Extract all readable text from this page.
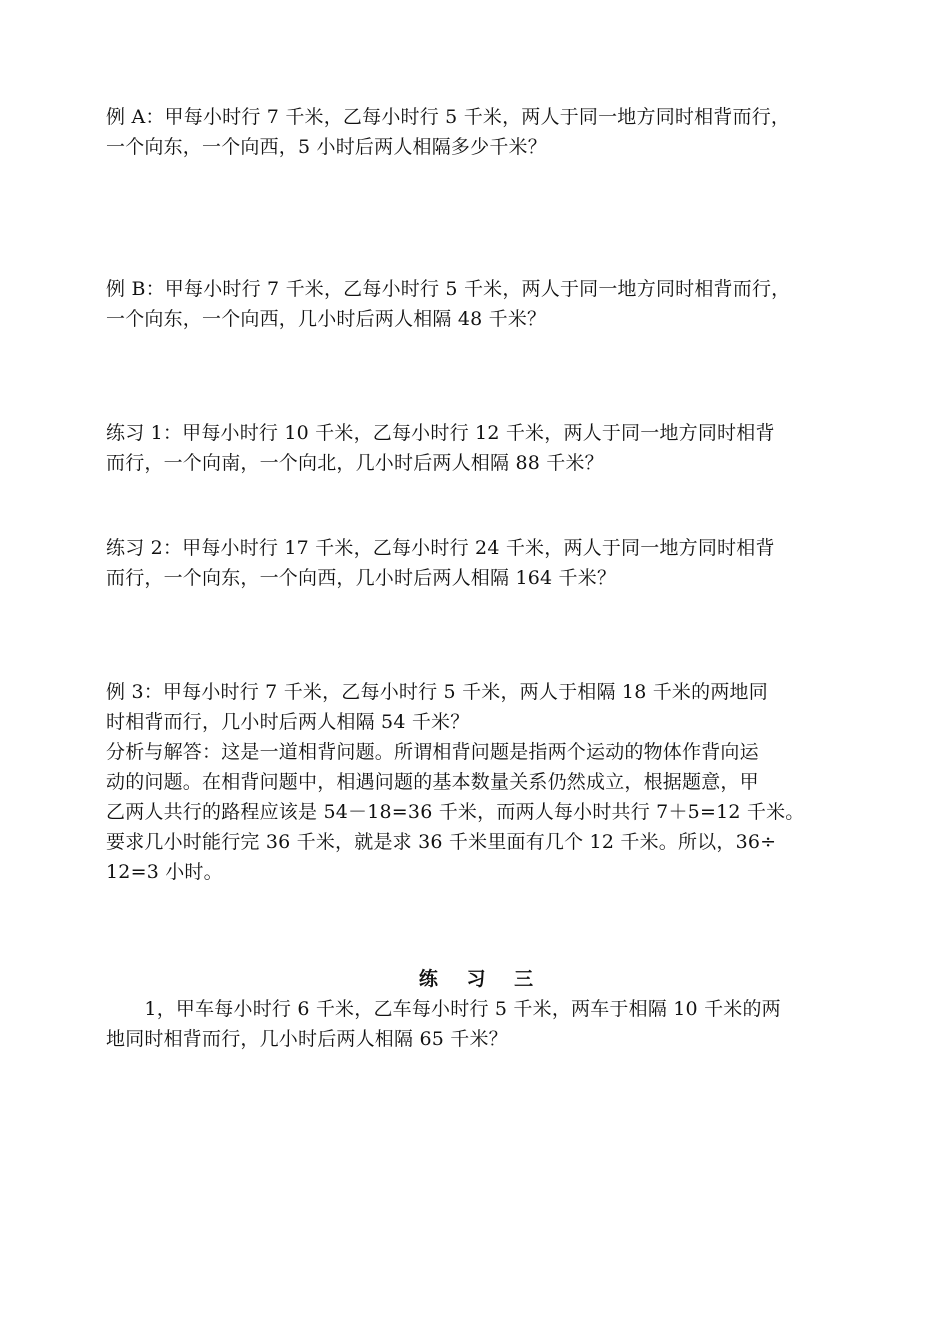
例 A：甲每小时行 7 千米，乙每小时行 5 千米，两人于同一地方同时相背而行，
一个向东，一个向西，5 小时后两人相隔多少千米？

例 B：甲每小时行 7 千米，乙每小时行 5 千米，两人于同一地方同时相背而行，
一个向东，一个向西，几小时后两人相隔 48 千米？

练习 1：甲每小时行 10 千米，乙每小时行 12 千米，两人于同一地方同时相背
而行，一个向南，一个向北，几小时后两人相隔 88 千米？

练习 2：甲每小时行 17 千米，乙每小时行 24 千米，两人于同一地方同时相背
而行，一个向东，一个向西，几小时后两人相隔 164 千米？

例 3：甲每小时行 7 千米，乙每小时行 5 千米，两人于相隔 18 千米的两地同
时相背而行，几小时后两人相隔 54 千米？
分析与解答：这是一道相背问题。所谓相背问题是指两个运动的物体作背向运
动的问题。在相背问题中，相遇问题的基本数量关系仍然成立，根据题意，甲
乙两人共行的路程应该是 54－18=36 千米，而两人每小时共行 7＋5=12 千米。
要求几小时能行完 36 千米，就是求 36 千米里面有几个 12 千米。所以，36÷
12=3 小时。

练 习 三

　　1，甲车每小时行 6 千米，乙车每小时行 5 千米，两车于相隔 10 千米的两
地同时相背而行，几小时后两人相隔 65 千米？
